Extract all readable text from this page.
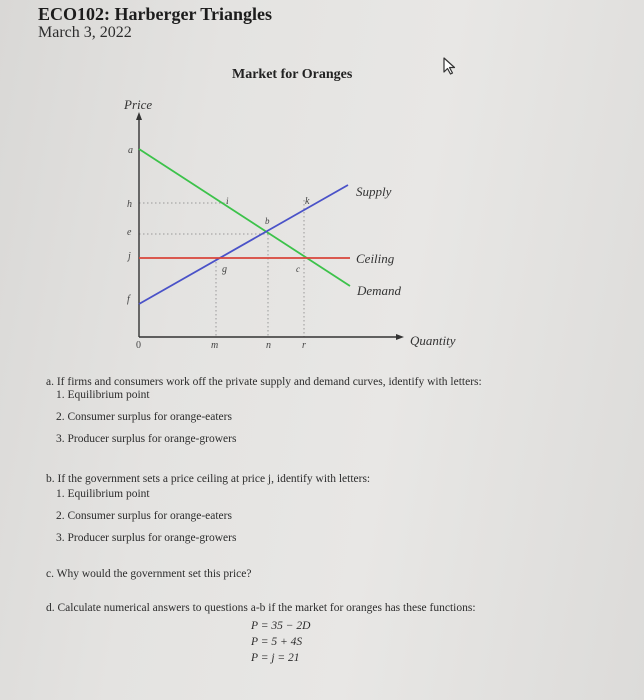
ECO102: Harberger Triangles
March 3, 2022
Market for Oranges
a
h
e
j
f
0	m	n	r
i	k
b
g	c
Price
Quantity
Supply
Ceiling
Demand
a. If firms and consumers work off the private supply and demand curves, identify with letters:
1. Equilibrium point
2. Consumer surplus for orange-eaters
3. Producer surplus for orange-growers
b. If the government sets a price ceiling at price j, identify with letters:
1. Equilibrium point
2. Consumer surplus for orange-eaters
3. Producer surplus for orange-growers
c. Why would the government set this price?
d. Calculate numerical answers to questions a-b if the market for oranges has these functions:
P = 35 − 2D
P = 5 + 4S
P = j = 21
